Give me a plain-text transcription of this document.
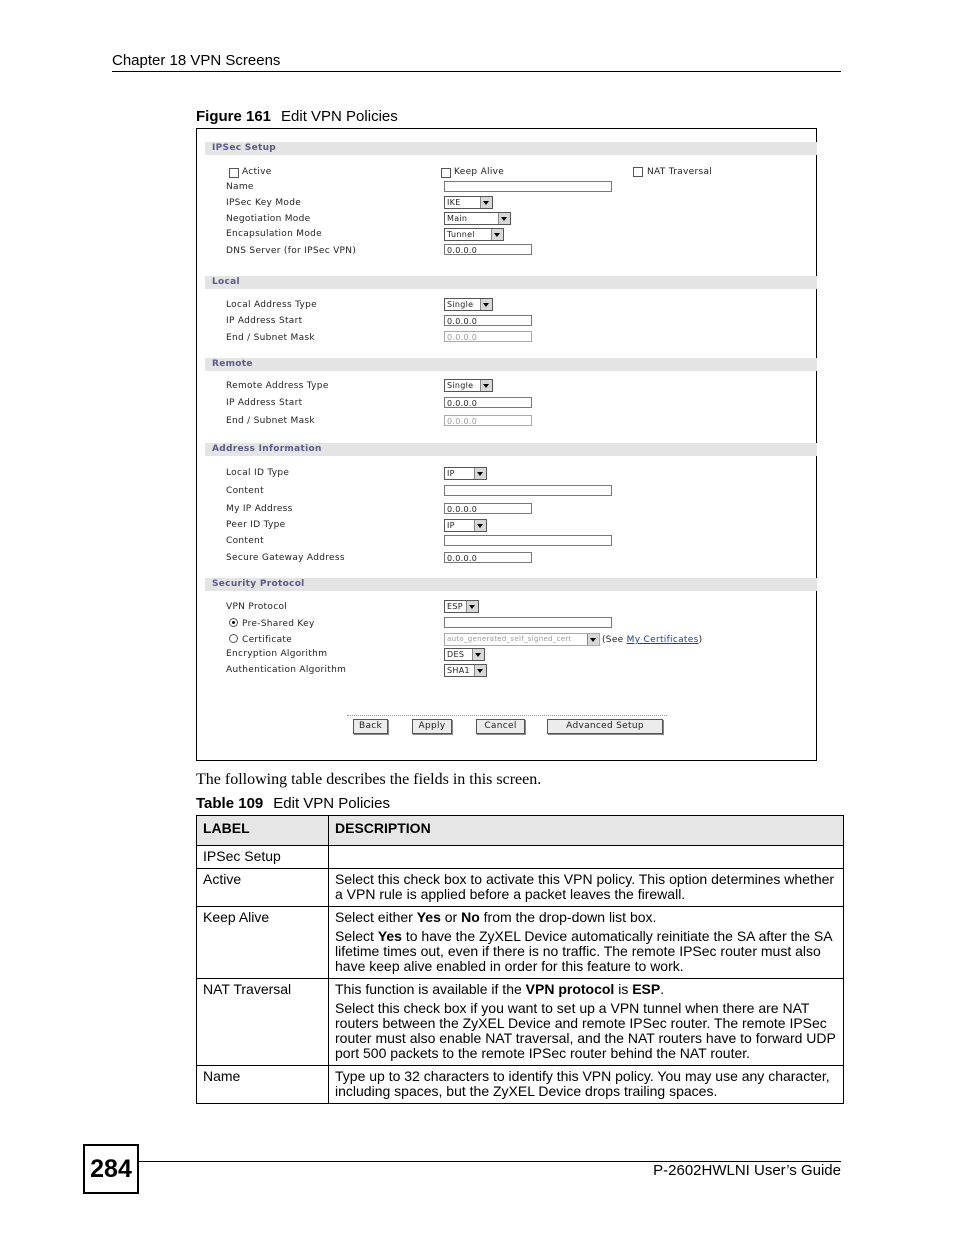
Chapter 18 VPN Screens
Figure 161 Edit VPN Policies
IPSec Setup
Active	Keep Alive	NAT Traversal
Name
IPSec Key Mode	IKE
Negotiation Mode	Main
Encapsulation Mode	Tunnel
DNS Server (for IPSec VPN)	0.0.0.0
Local
Local Address Type	Single
IP Address Start	0.0.0.0
End / Subnet Mask	0.0.0.0
Remote
Remote Address Type	Single
IP Address Start	0.0.0.0
End / Subnet Mask	0.0.0.0
Address Information
Local ID Type	IP
Content
My IP Address	0.0.0.0
Peer ID Type	IP
Content
Secure Gateway Address	0.0.0.0
Security Protocol
VPN Protocol	ESP
Pre-Shared Key
Certificate	auto_generated_self_signed_cert	(See My Certificates)
Encryption Algorithm	DES
Authentication Algorithm	SHA1
Back	Apply	Cancel	Advanced Setup
The following table describes the fields in this screen.
Table 109 Edit VPN Policies
LABEL	DESCRIPTION
IPSec Setup	
Active	Select this check box to activate this VPN policy. This option determines whether a VPN rule is applied before a packet leaves the firewall.
Keep Alive	Select either Yes or No from the drop-down list box.

Select Yes to have the ZyXEL Device automatically reinitiate the SA after the SA lifetime times out, even if there is no traffic. The remote IPSec router must also have keep alive enabled in order for this feature to work.

NAT Traversal	This function is available if the VPN protocol is ESP.

Select this check box if you want to set up a VPN tunnel when there are NAT routers between the ZyXEL Device and remote IPSec router. The remote IPSec router must also enable NAT traversal, and the NAT routers have to forward UDP port 500 packets to the remote IPSec router behind the NAT router.

Name	Type up to 32 characters to identify this VPN policy. You may use any character, including spaces, but the ZyXEL Device drops trailing spaces.
284	P-2602HWLNI User’s Guide
